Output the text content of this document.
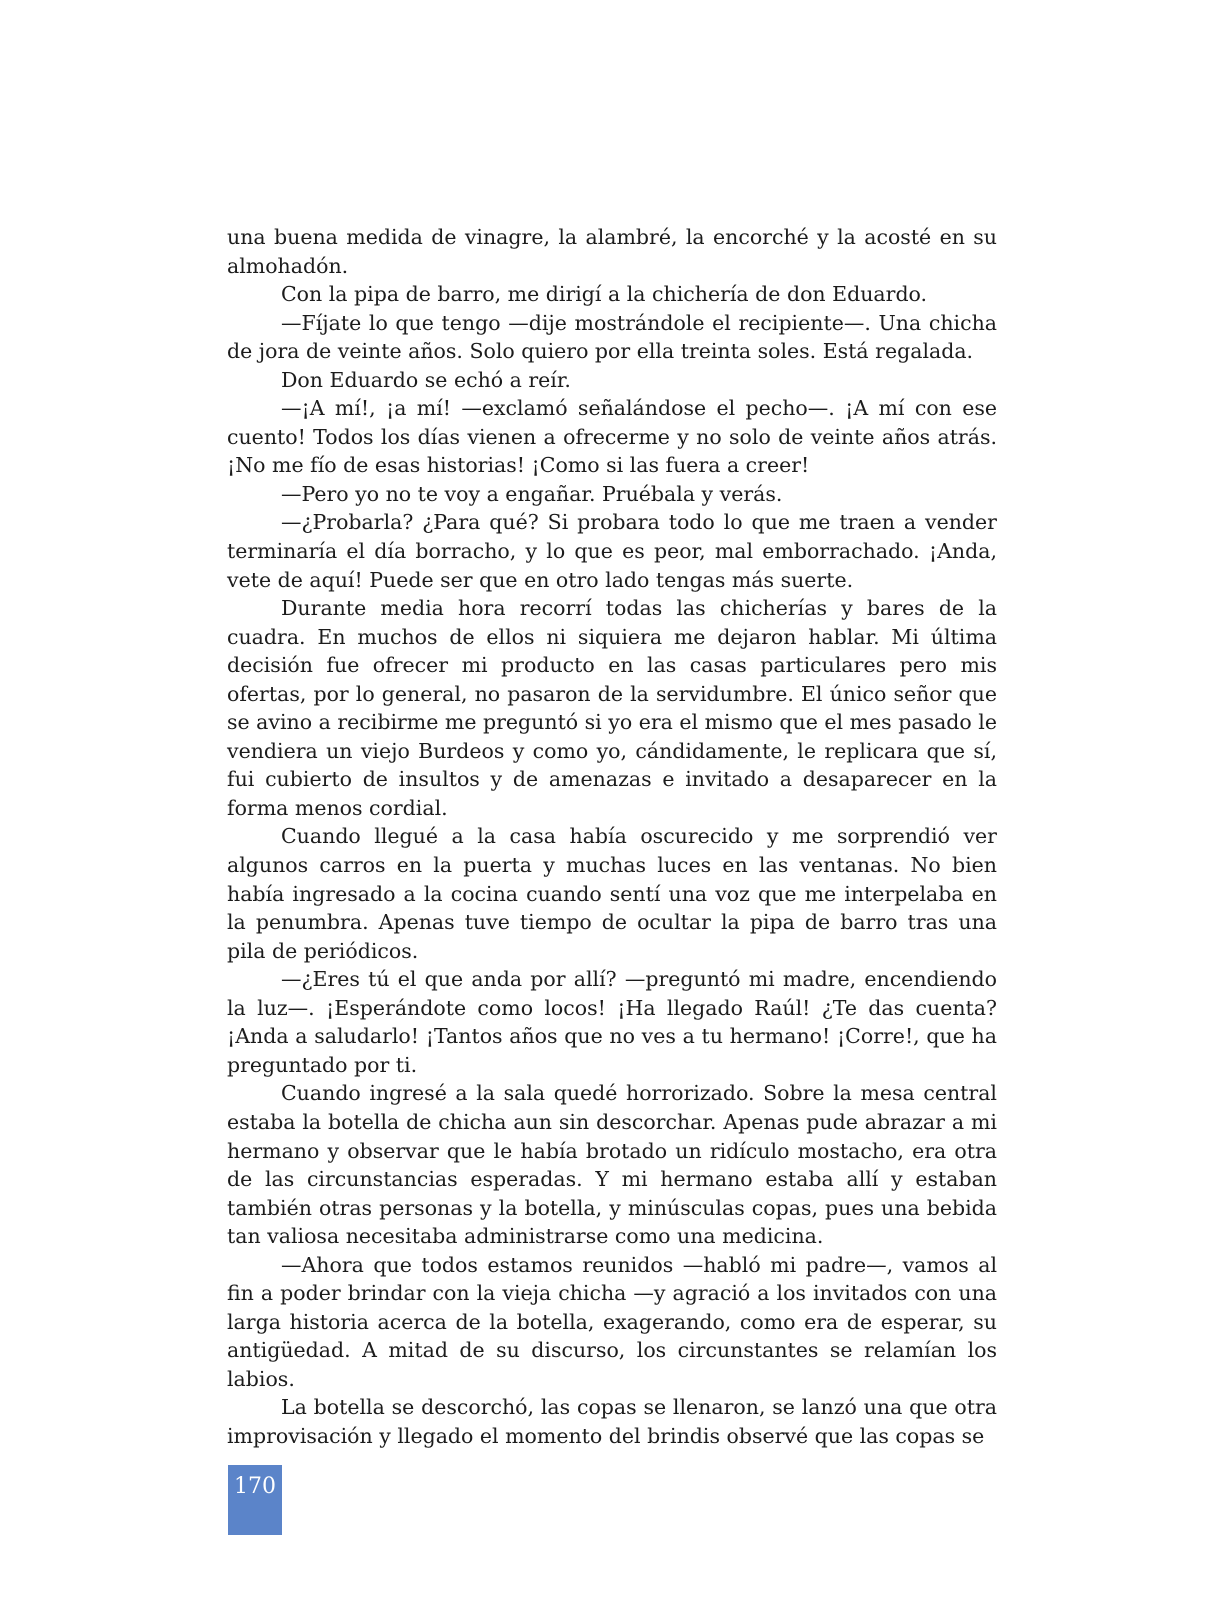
una buena medida de vinagre, la alambré, la encorché y la acosté en su almohadón.

Con la pipa de barro, me dirigí a la chichería de don Eduardo.

—Fíjate lo que tengo —dije mostrándole el recipiente—. Una chicha de jora de veinte años. Solo quiero por ella treinta soles. Está regalada.

Don Eduardo se echó a reír.

—¡A mí!, ¡a mí! —exclamó señalándose el pecho—. ¡A mí con ese cuento! Todos los días vienen a ofrecerme y no solo de veinte años atrás. ¡No me fío de esas historias! ¡Como si las fuera a creer!

—Pero yo no te voy a engañar. Pruébala y verás.

—¿Probarla? ¿Para qué? Si probara todo lo que me traen a vender terminaría el día borracho, y lo que es peor, mal emborrachado. ¡Anda, vete de aquí! Puede ser que en otro lado tengas más suerte.

Durante media hora recorrí todas las chicherías y bares de la cuadra. En muchos de ellos ni siquiera me dejaron hablar. Mi última decisión fue ofrecer mi producto en las casas particulares pero mis ofertas, por lo general, no pasaron de la servidumbre. El único señor que se avino a recibirme me preguntó si yo era el mismo que el mes pasado le vendiera un viejo Burdeos y como yo, cándidamente, le replicara que sí, fui cubierto de insultos y de amenazas e invitado a desaparecer en la forma menos cordial.

Cuando llegué a la casa había oscurecido y me sorprendió ver algunos carros en la puerta y muchas luces en las ventanas. No bien había ingresado a la cocina cuando sentí una voz que me interpelaba en la penumbra. Apenas tuve tiempo de ocultar la pipa de barro tras una pila de periódicos.

—¿Eres tú el que anda por allí? —preguntó mi madre, encendiendo la luz—. ¡Esperándote como locos! ¡Ha llegado Raúl! ¿Te das cuenta? ¡Anda a saludarlo! ¡Tantos años que no ves a tu hermano! ¡Corre!, que ha preguntado por ti.

Cuando ingresé a la sala quedé horrorizado. Sobre la mesa central estaba la botella de chicha aun sin descorchar. Apenas pude abrazar a mi hermano y observar que le había brotado un ridículo mostacho, era otra de las circunstancias esperadas. Y mi hermano estaba allí y estaban también otras personas y la botella, y minúsculas copas, pues una bebida tan valiosa necesitaba administrarse como una medicina.

—Ahora que todos estamos reunidos —habló mi padre—, vamos al fin a poder brindar con la vieja chicha —y agració a los invitados con una larga historia acerca de la botella, exagerando, como era de esperar, su antigüedad. A mitad de su discurso, los circunstantes se relamían los labios.

La botella se descorchó, las copas se llenaron, se lanzó una que otra improvisación y llegado el momento del brindis observé que las copas se

170
